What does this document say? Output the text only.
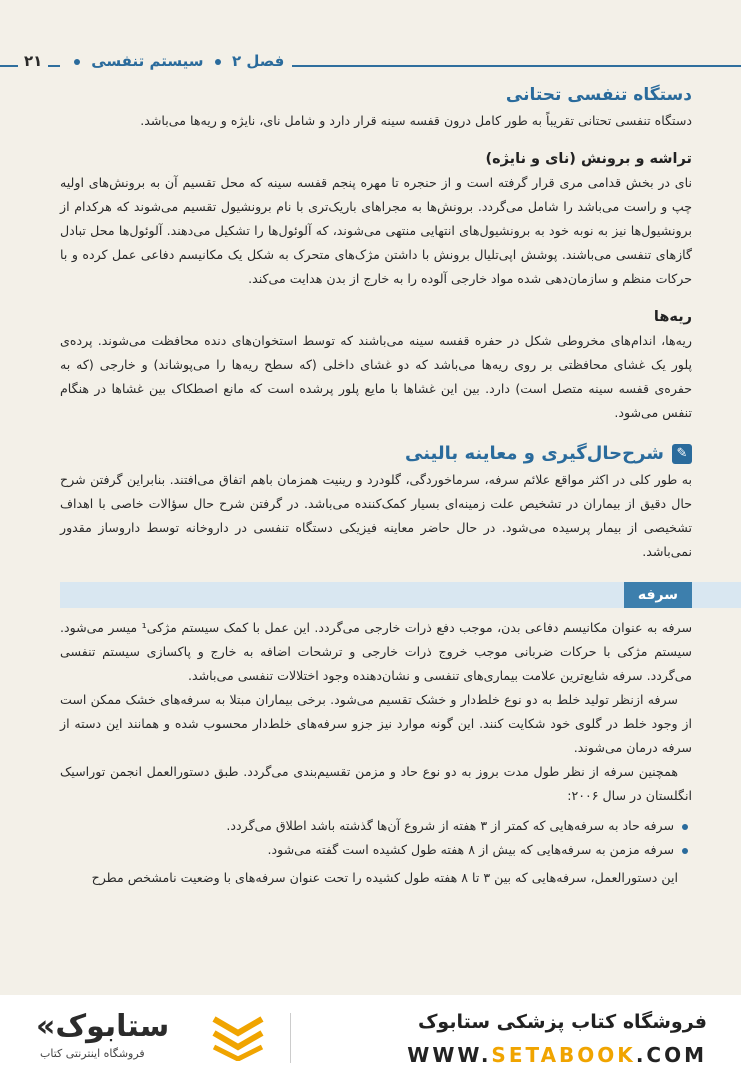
۲۱	فصل ۲  سیستم تنفسی
دستگاه تنفسی تحتانی

دستگاه تنفسی تحتانی تقریباً به طور کامل درون قفسه سینه قرار دارد و شامل نای، نایژه و ریه‌ها می‌باشد.

تراشه و برونش (نای و نایژه)

نای در بخش قدامی مری قرار گرفته است و از حنجره تا مهره پنجم قفسه سینه که محل تقسیم آن به برونش‌های اولیه چپ و راست می‌باشد را شامل می‌گردد. برونش‌ها به مجراهای باریک‌تری با نام برونشیول تقسیم می‌شوند که هرکدام از برونشیول‌ها نیز به نوبه خود به برونشیول‌های انتهایی منتهی می‌شوند، که آلوئول‌ها را تشکیل می‌دهند. آلوئول‌ها محل تبادل گازهای تنفسی می‌باشند. پوشش اپی‌تلیال برونش با داشتن مژک‌های متحرک به شکل یک مکانیسم دفاعی عمل کرده و با حرکات منظم و سازمان‌دهی شده مواد خارجی آلوده را به خارج از بدن هدایت می‌کند.

ریه‌ها

ریه‌ها، اندام‌های مخروطی شکل در حفره قفسه سینه می‌باشند که توسط استخوان‌های دنده محافظت می‌شوند. پرده‌ی پلور یک غشای محافظتی بر روی ریه‌ها می‌باشد که دو غشای داخلی (که سطح ریه‌ها را می‌پوشاند) و خارجی (که به حفره‌ی قفسه سینه متصل است) دارد. بین این غشاها با مایع پلور پرشده است که مانع اصطکاک بین غشاها در هنگام تنفس می‌شود.

✎
شرح‌حال‌گیری و معاینه بالینی

به طور کلی در اکثر مواقع علائم سرفه، سرماخوردگی، گلودرد و رینیت همزمان باهم اتفاق می‌افتند. بنابراین گرفتن شرح حال دقیق از بیماران در تشخیص علت زمینه‌ای بسیار کمک‌کننده می‌باشد. در گرفتن شرح حال سؤالات خاصی با اهداف تشخیصی از بیمار پرسیده می‌شود. در حال حاضر معاینه فیزیکی دستگاه تنفسی در داروخانه توسط داروساز مقدور نمی‌باشد.

سرفه

سرفه به عنوان مکانیسم دفاعی بدن، موجب دفع ذرات خارجی می‌گردد. این عمل با کمک سیستم مژکی¹ میسر می‌شود. سیستم مژکی با حرکات ضربانی موجب خروج ذرات خارجی و ترشحات اضافه به خارج و پاکسازی سیستم تنفسی می‌گردد. سرفه شایع‌ترین علامت بیماری‌های تنفسی و نشان‌دهنده وجود اختلالات تنفسی می‌باشد.

سرفه ازنظر تولید خلط به دو نوع خلط‌دار و خشک تقسیم می‌شود. برخی بیماران مبتلا به سرفه‌های خشک ممکن است از وجود خلط در گلوی خود شکایت کنند. این گونه موارد نیز جزو سرفه‌های خلط‌دار محسوب شده و همانند این دسته از سرفه درمان می‌شوند.

همچنین سرفه از نظر طول مدت بروز به دو نوع حاد و مزمن تقسیم‌بندی می‌گردد. طبق دستورالعمل انجمن توراسیک انگلستان در سال ۲۰۰۶:

سرفه حاد به سرفه‌هایی که کمتر از ۳ هفته از شروع آن‌ها گذشته باشد اطلاق می‌گردد.
سرفه مزمن به سرفه‌هایی که بیش از ۸ هفته طول کشیده است گفته می‌شود.

این دستورالعمل، سرفه‌هایی که بین ۳ تا ۸ هفته طول کشیده را تحت عنوان سرفه‌های با وضعیت نامشخص مطرح

«ستابوک
فروشگاه اینترنتی کتاب
فروشگاه کتاب پزشکی ستابوک
WWW.SETABOOK.COM
